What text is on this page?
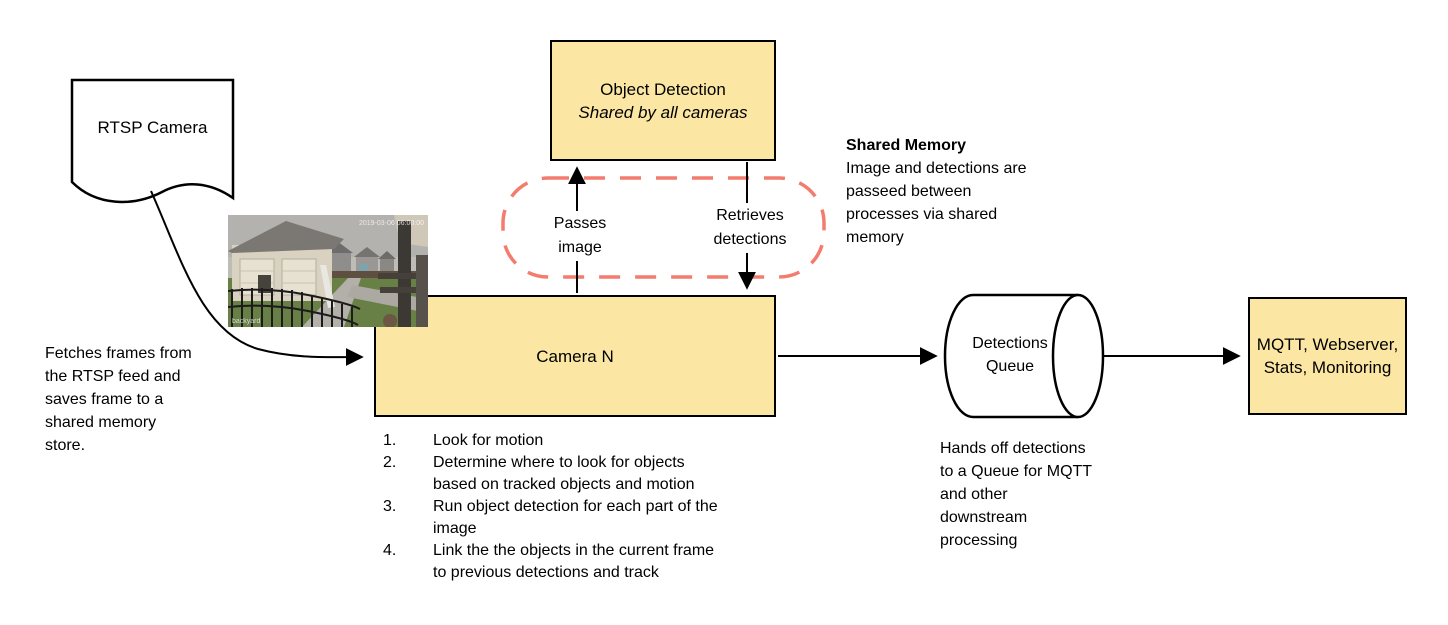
Detections
Queue
RTSP Camera
Object Detection
Shared by all cameras
Shared Memory
Image and detections are passeed between processes via shared memory
Passes image
Retrieves detections
Camera N
2019-03-06 06:00:00
backyard
Fetches frames from the RTSP feed and saves frame to a shared memory store.	1.	Look for motion
2.	Determine where to look for objects based on tracked objects and motion
3.	Run object detection for each part of the image
4.	Link the the objects in the current frame to previous detections and track
Hands off detections to a Queue for MQTT and other downstream processing
MQTT, Webserver, Stats, Monitoring
